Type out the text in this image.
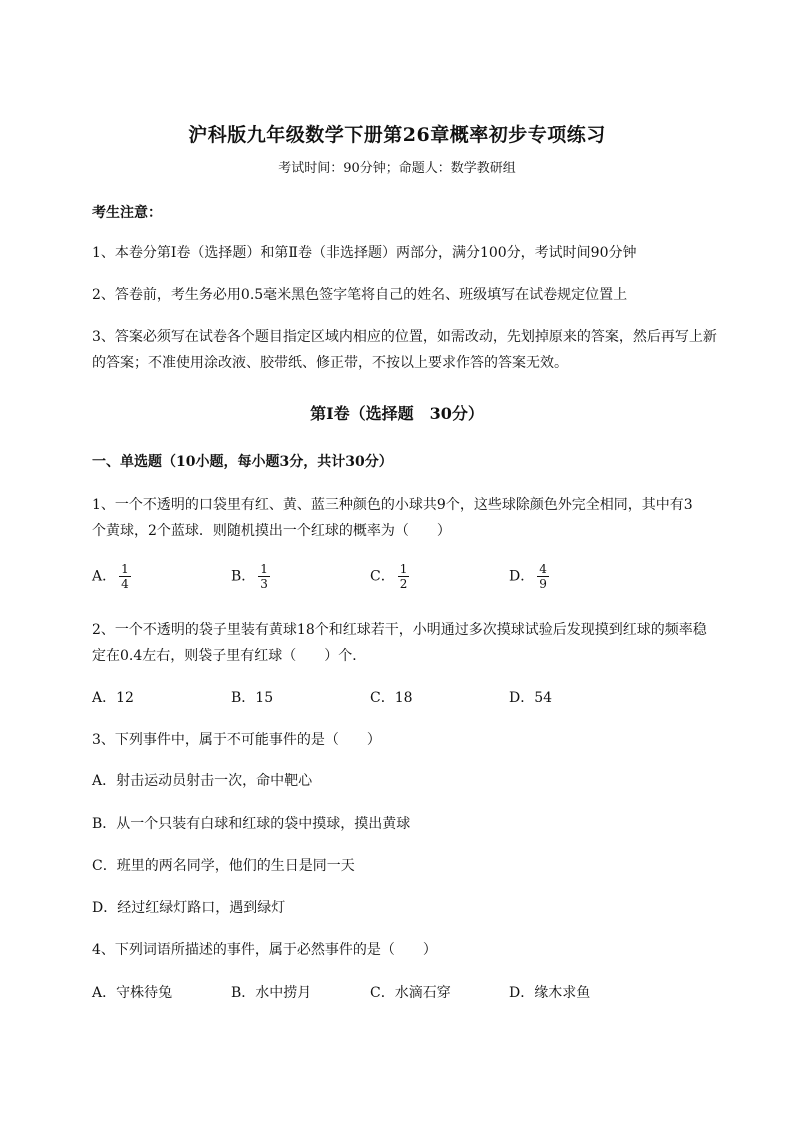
沪科版九年级数学下册第26章概率初步专项练习
考试时间：90分钟；命题人：数学教研组
考生注意：
1、本卷分第I卷（选择题）和第Ⅱ卷（非选择题）两部分，满分100分，考试时间90分钟
2、答卷前，考生务必用0.5毫米黑色签字笔将自己的姓名、班级填写在试卷规定位置上
3、答案必须写在试卷各个题目指定区域内相应的位置，如需改动，先划掉原来的答案，然后再写上新
的答案；不准使用涂改液、胶带纸、修正带，不按以上要求作答的答案无效。
第I卷（选择题　30分）
一、单选题（10小题，每小题3分，共计30分）
1、一个不透明的口袋里有红、黄、蓝三种颜色的小球共9个，这些球除颜色外完全相同，其中有3
个黄球，2个蓝球．则随机摸出一个红球的概率为（　　）
A． $\frac{1}{4}$	B． $\frac{1}{3}$	C． $\frac{1}{2}$	D． $\frac{4}{9}$
2、一个不透明的袋子里装有黄球18个和红球若干，小明通过多次摸球试验后发现摸到红球的频率稳
定在0.4左右，则袋子里有红球（　　）个．
A．12	B．15	C．18	D．54
3、下列事件中，属于不可能事件的是（　　）
A．射击运动员射击一次，命中靶心
B．从一个只装有白球和红球的袋中摸球，摸出黄球
C．班里的两名同学，他们的生日是同一天
D．经过红绿灯路口，遇到绿灯
4、下列词语所描述的事件，属于必然事件的是（　　）
A．守株待兔	B．水中捞月	C．水滴石穿	D．缘木求鱼
